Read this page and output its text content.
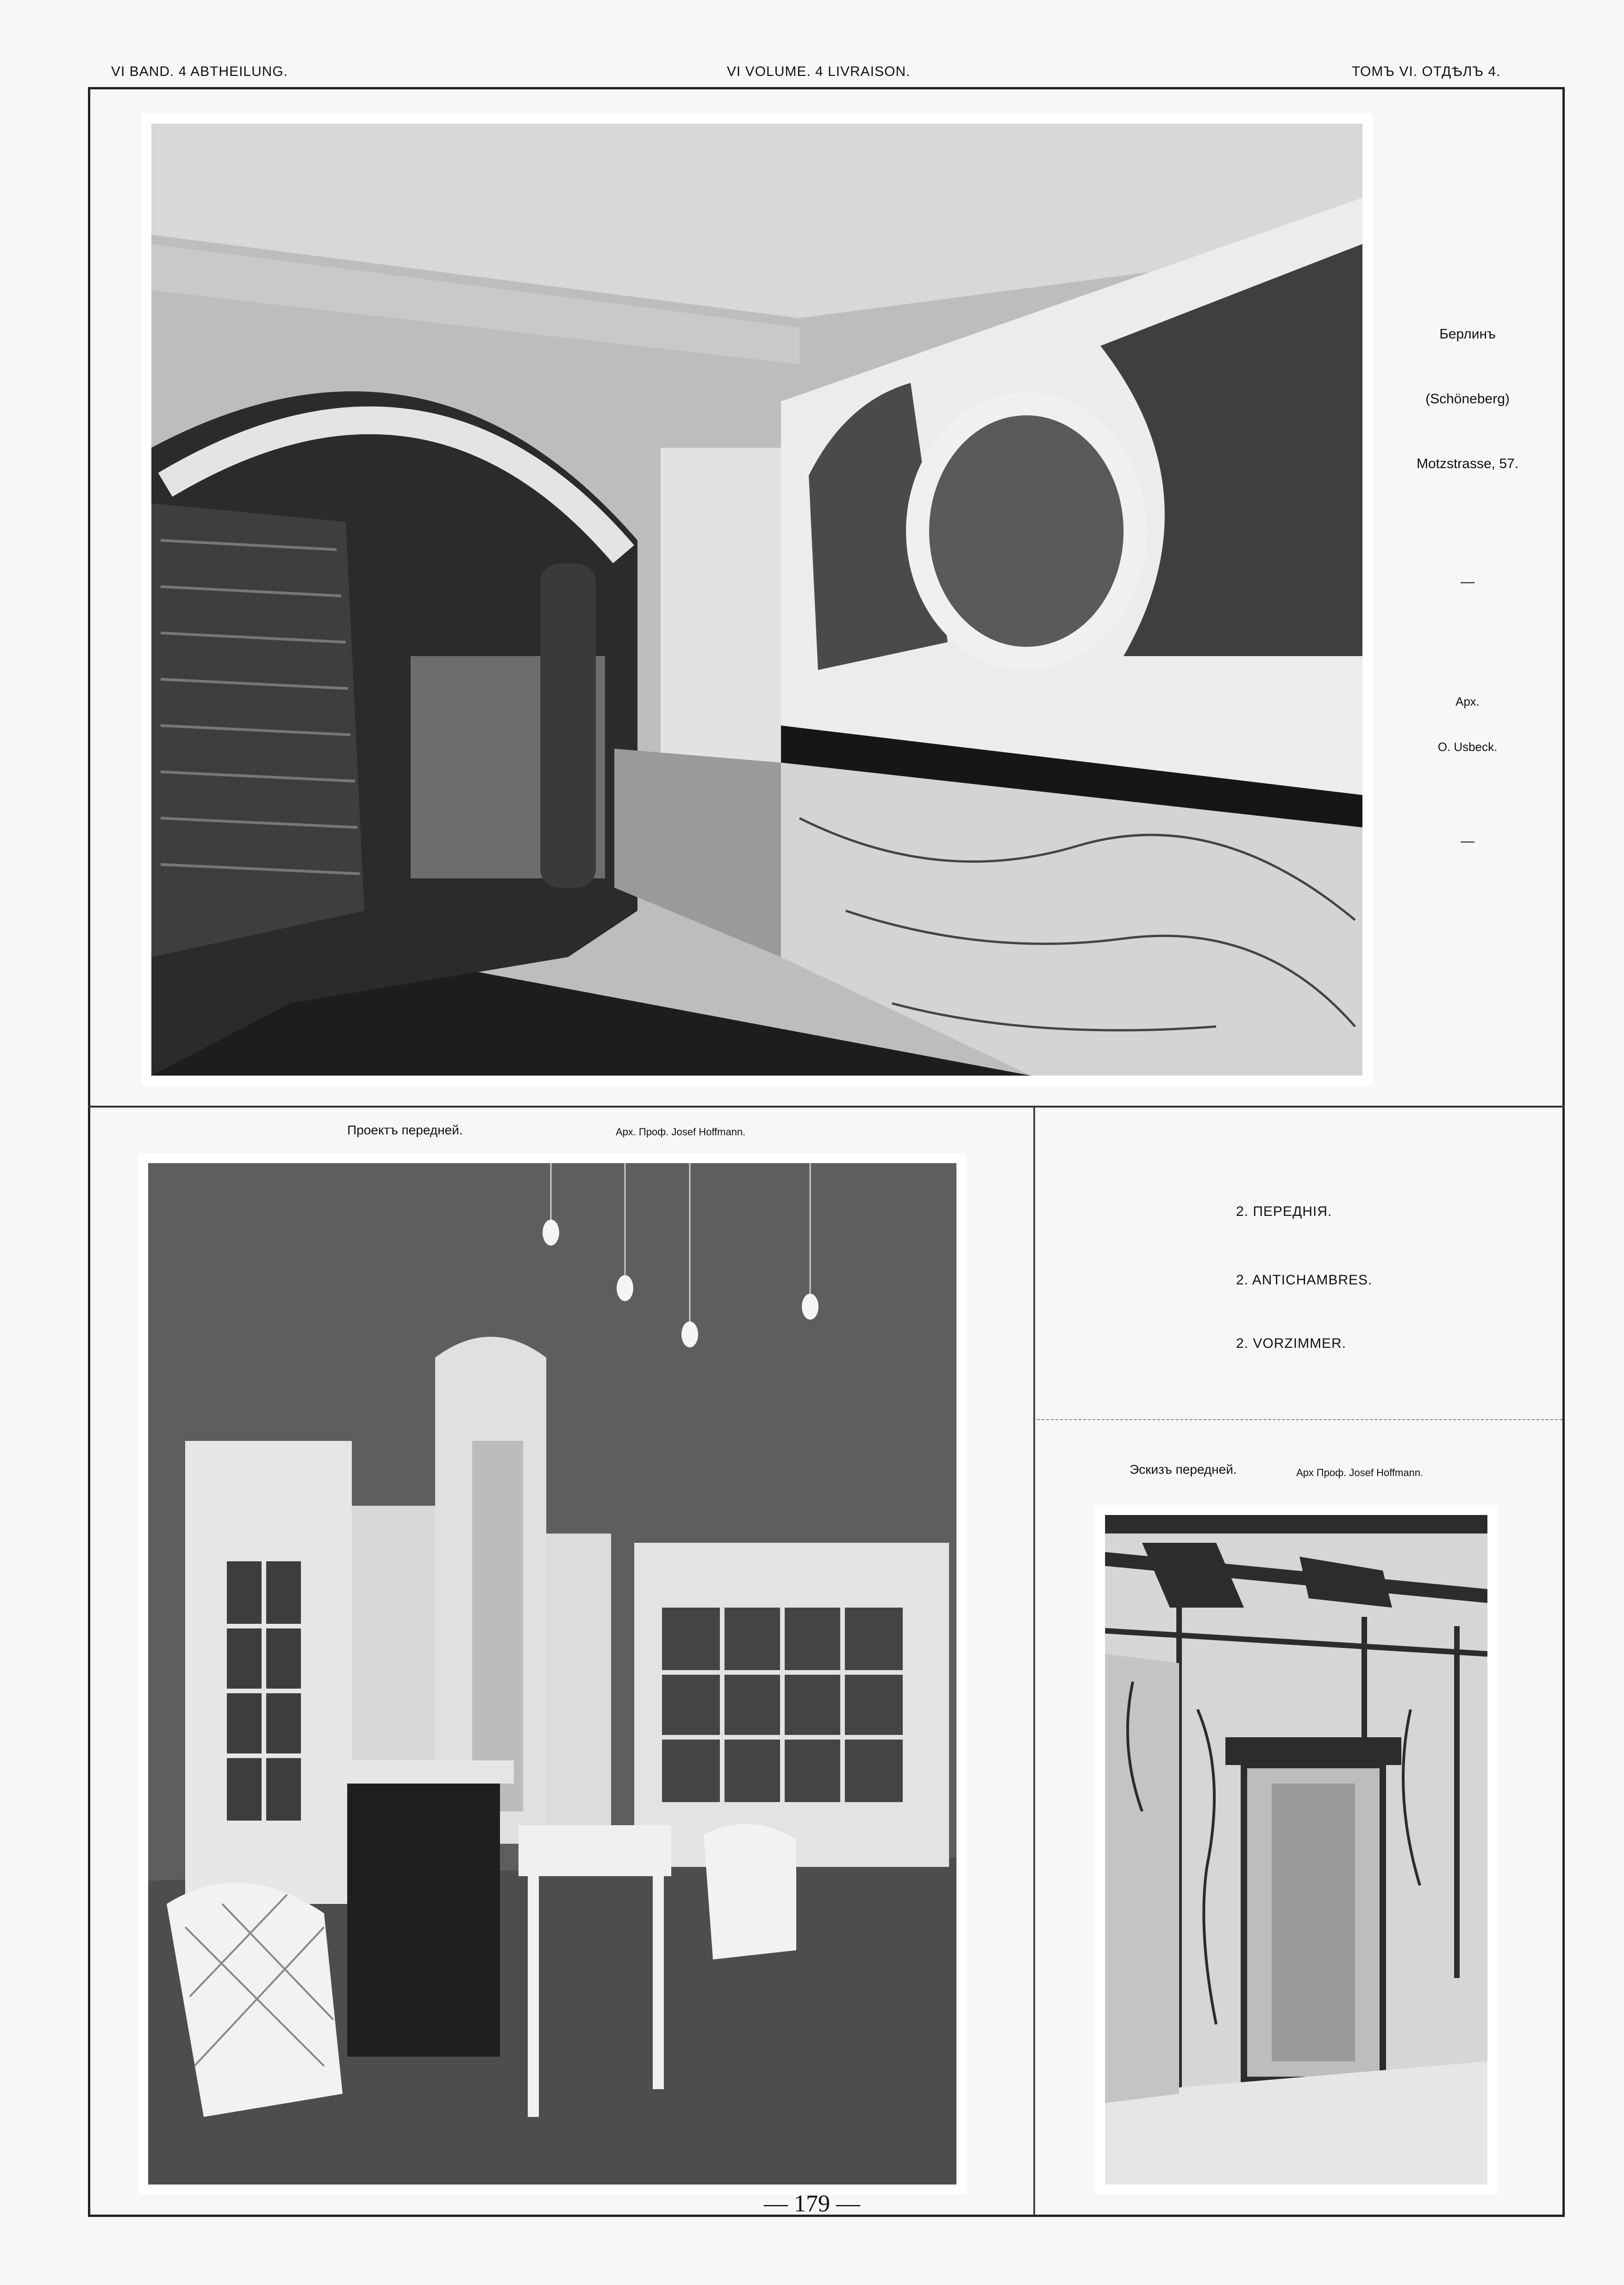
VI BAND. 4 ABTHEILUNG.	VI VOLUME. 4 LIVRAISON.	ТОМЪ VI. ОТДѢЛЪ 4.
Берлинъ
(Schöneberg)
Motzstrasse, 57.
—
Арх.
O. Usbeck.
—
Проектъ передней.	Арх. Проф. Josef Hoffmann.
2. ПЕРЕДНІЯ.
2. ANTICHAMBRES.
2. VORZIMMER.
Эскизъ передней.	Арх Проф. Josef Hoffmann.
— 179 —
